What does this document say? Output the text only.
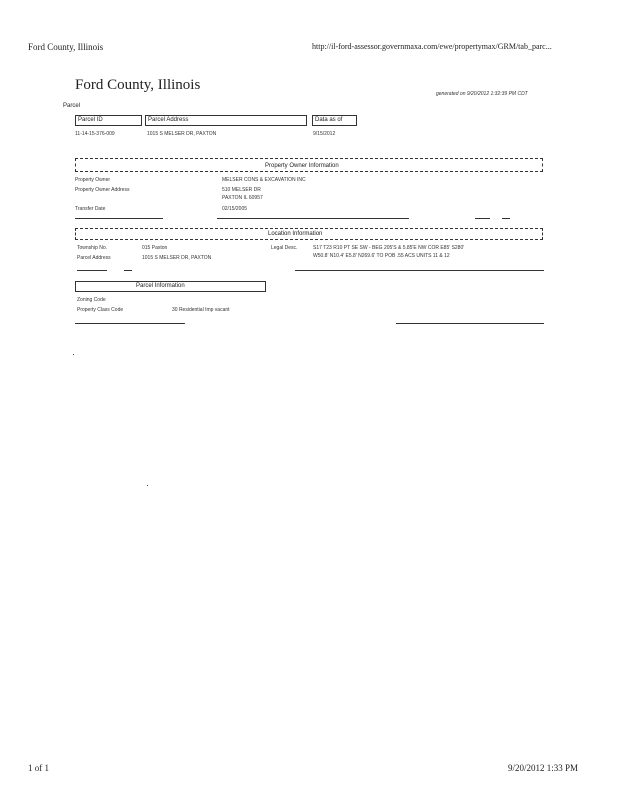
Ford County, Illinois	http://il-ford-assessor.governmaxa.com/ewe/propertymax/GRM/tab_parc...
Ford County, Illinois
generated on 9/20/2012 1:32:39 PM CDT
Parcel
Parcel ID	Parcel Address	Data as of
11-14-15-376-009	1015 S MELSER DR, PAXTON	9/15/2012
Property Owner Information
Property Owner	MELSER CONS & EXCAVATION INC
Property Owner Address	510 MELSER DR
PAXTON IL 60957
Transfer Date	02/15/2005
Location Information
Township No.	015 Paxton
Parcel Address	1015 S MELSER DR, PAXTON
Legal Desc.	S17 T23 R10 PT SE SW - BEG 205'S & 5.85'E NW COR E85' S280'
W50.8' N10.4' E5.8' N269.6' TO POB .55 ACS UNITS 11 & 12
Parcel Information
Zoning Code
Property Class Code	30 Residential Imp vacant
1 of 1	9/20/2012 1:33 PM
